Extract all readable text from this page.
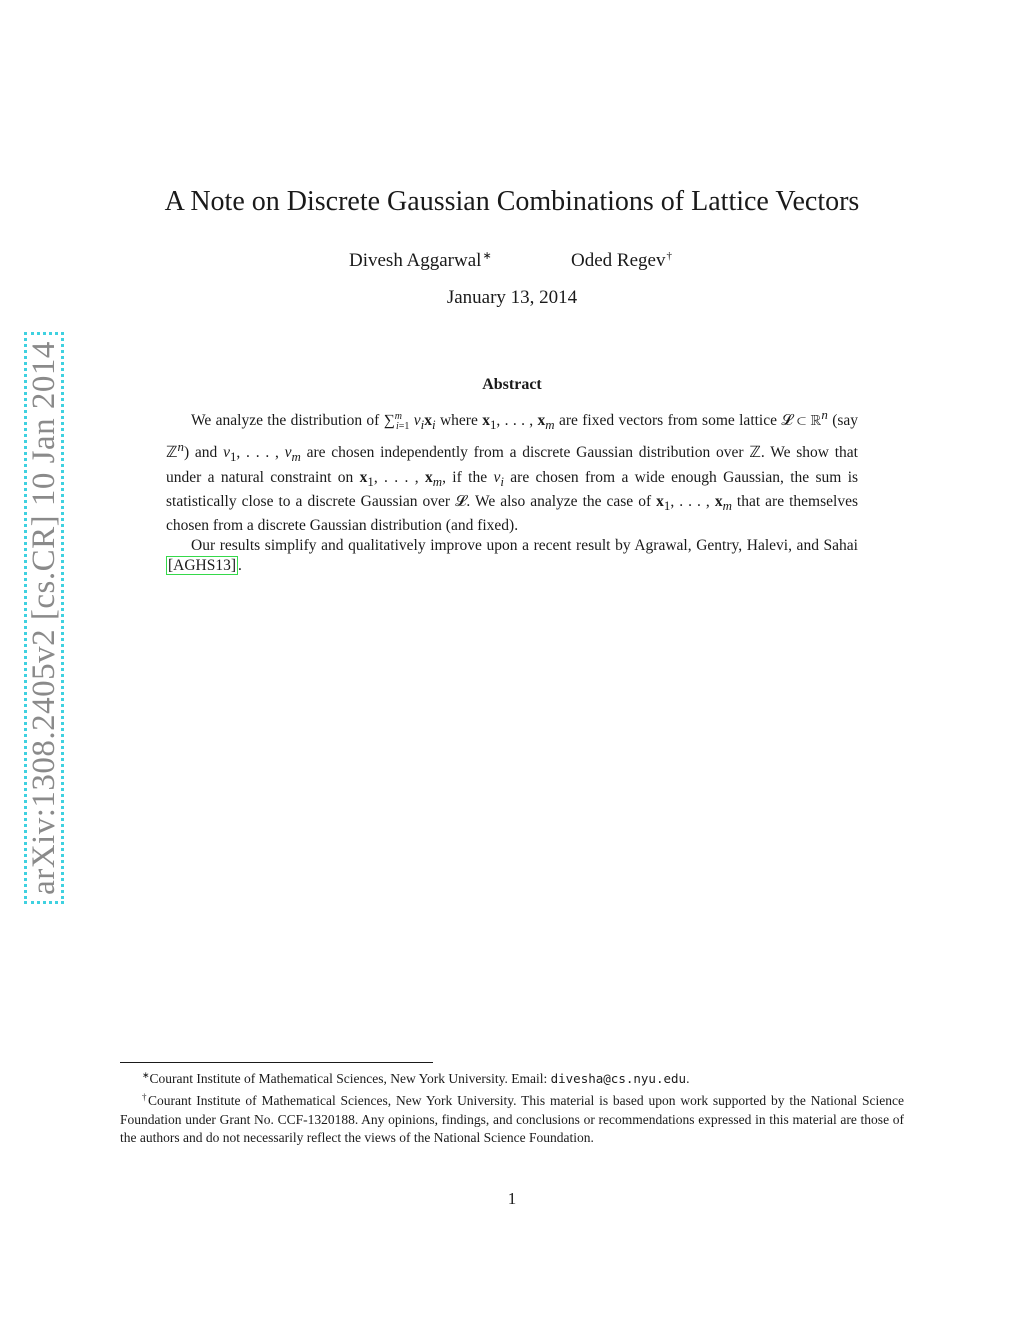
arXiv:1308.2405v2 [cs.CR] 10 Jan 2014
A Note on Discrete Gaussian Combinations of Lattice Vectors
Divesh Aggarwal∗	Oded Regev†
January 13, 2014
Abstract

We analyze the distribution of ∑$^m_{i=1}$ $v_ix_i$ where $x_1$, . . . , $x_m$ are fixed vectors from some lattice 𝓛 ⊂ ℝ$^n$ (say ℤ$^n$) and $v_1$, . . . , $v_m$ are chosen independently from a discrete Gaussian distribution over ℤ. We show that under a natural constraint on $x_1$, . . . , $x_m$, if the $v_i$ are chosen from a wide enough Gaussian, the sum is statistically close to a discrete Gaussian over 𝓛. We also analyze the case of $x_1$, . . . , $x_m$ that are themselves chosen from a discrete Gaussian distribution (and fixed).

Our results simplify and qualitatively improve upon a recent result by Agrawal, Gentry, Halevi, and Sahai [AGHS13] .

∗Courant Institute of Mathematical Sciences, New York University. Email: divesha@cs.nyu.edu.

†Courant Institute of Mathematical Sciences, New York University. This material is based upon work supported by the National Science Foundation under Grant No. CCF-1320188. Any opinions, findings, and conclusions or recommendations expressed in this material are those of the authors and do not necessarily reflect the views of the National Science Foundation.

1
